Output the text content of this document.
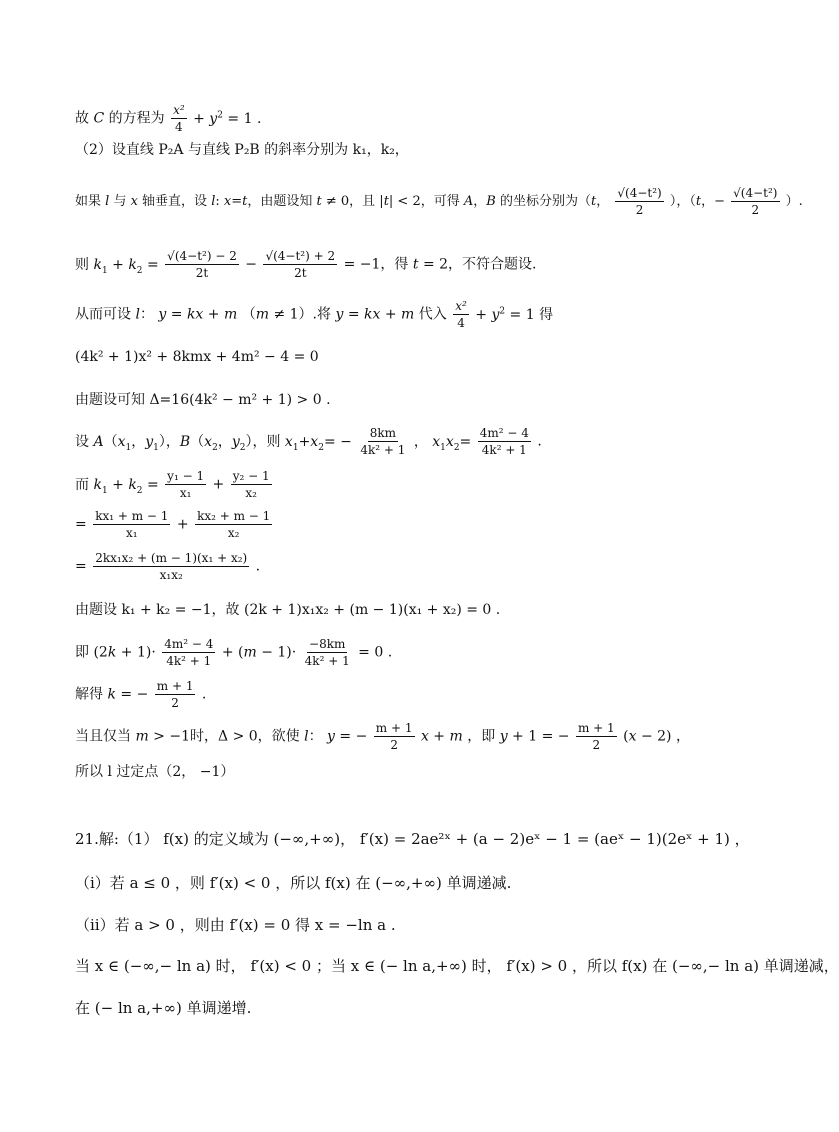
故 C 的方程为 $\frac{\text{x²}}{4} + y^2 = 1$ .
（2）设直线 P₂A 与直线 P₂B 的斜率分别为 k₁，k₂，
如果 l 与 x 轴垂直，设 l: x=t，由题设知 t ≠ 0，且 |t| < 2，可得 A，B 的坐标分别为（t， $\frac{\text{√(4−t²)}}{2}$ ），（t，− $\frac{\text{√(4−t²)}}{2}$ ）.
则 $k_1 + k_2 = \frac{\text{√(4−t²) − 2}}{2t} - \frac{\text{√(4−t²) + 2}}{2t} = -1$，得 t = 2，不符合题设.
从而可设 l： y = kx + m （m ≠ 1）.将 y = kx + m 代入 $\frac{\text{x²}}{4} + y^2 = 1$ 得
(4k² + 1)x² + 8kmx + 4m² − 4 = 0
由题设可知 Δ=16(4k² − m² + 1) > 0 .
设 $A(x_1$，$y_1$），$B(x_2$，$y_2$），则 $x_1+x_2= - \frac{8km}{\text{4k² + 1}}$ ， $x_1x_2= \frac{\text{4m² − 4}}{\text{4k² + 1}}$ .
而 $k_1 + k_2 = \frac{\text{y₁ − 1}}{\text{x₁}} + \frac{\text{y₂ − 1}}{\text{x₂}}$
= $\frac{\text{kx₁ + m − 1}}{\text{x₁}} + \frac{\text{kx₂ + m − 1}}{\text{x₂}}$
= $\frac{\text{2kx₁x₂ + (m − 1)(x₁ + x₂)}}{\text{x₁x₂}}$ .
由题设 k₁ + k₂ = −1，故 (2k + 1)x₁x₂ + (m − 1)(x₁ + x₂) = 0 .
即 $(2k + 1)\cdot \frac{\text{4m² − 4}}{\text{4k² + 1}} + (m - 1)\cdot \frac{-8km}{\text{4k² + 1}} = 0$ .
解得 k = − $\frac{m + 1}{2}$ .
当且仅当 m > −1时，Δ > 0，欲使 l： y = − $\frac{m + 1}{2}$ x + m ，即 y + 1 = − $\frac{m + 1}{2} (x - 2)$ ，
所以 l 过定点（2， −1）
21.解:（1） f(x) 的定义域为 (−∞,+∞)， f′(x) = 2ae²ˣ + (a − 2)eˣ − 1 = (aeˣ − 1)(2eˣ + 1) ，
（ⅰ）若 a ≤ 0 ，则 f′(x) < 0 ，所以 f(x) 在 (−∞,+∞) 单调递减.
（ⅱ）若 a > 0 ，则由 f′(x) = 0 得 x = −ln a .
当 x ∈ (−∞,− ln a) 时， f′(x) < 0 ；当 x ∈ (− ln a,+∞) 时， f′(x) > 0 ，所以 f(x) 在 (−∞,− ln a) 单调递减，
在 (− ln a,+∞) 单调递增.
